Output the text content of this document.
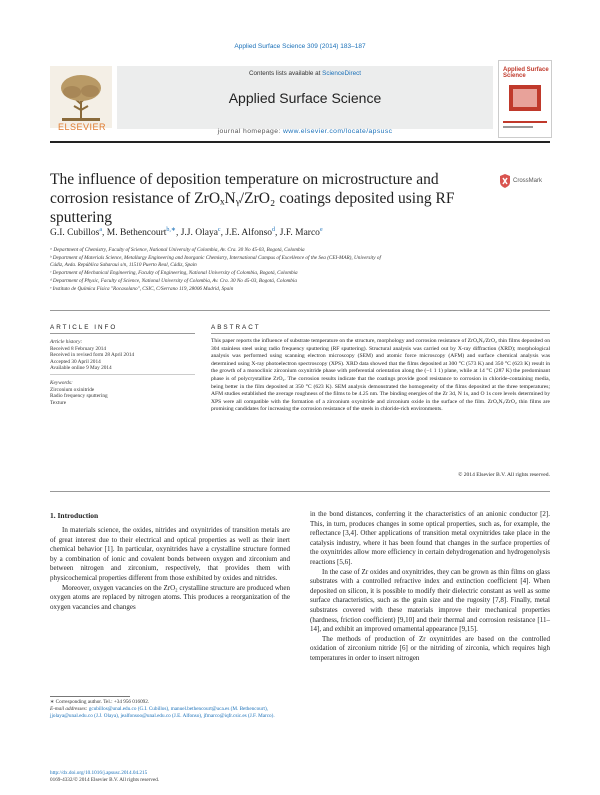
Applied Surface Science 309 (2014) 183–187
Contents lists available at ScienceDirect
Applied Surface Science
journal homepage: www.elsevier.com/locate/apsusc
ELSEVIER
Applied Surface Science
The influence of deposition temperature on microstructure and corrosion resistance of ZrOₓNᵧ/ZrO₂ coatings deposited using RF sputtering
CrossMark
G.I. Cubillos$^a$, M. Bethencourt$^{b,∗}$, J.J. Olaya$^c$, J.E. Alfonso$^d$, J.F. Marco$^e$
ᵃ Department of Chemistry, Faculty of Science, National University of Colombia, Av. Cra. 30 No 45-03, Bogotá, Colombia
ᵇ Department of Materials Science, Metallurgy Engineering and Inorganic Chemistry, International Campus of Excellence of the Sea (CEI-MAR), University of
Cádiz, Avda. República Saharaui s/n, 11510 Puerto Real, Cádiz, Spain
ᶜ Department of Mechanical Engineering, Faculty of Engineering, National University of Colombia, Bogotá, Colombia
ᵈ Department of Physic, Faculty of Science, National University of Colombia, Av. Cra. 30 No 45-03, Bogotá, Colombia
ᵉ Instituto de Química Física "Rocasolano", CSIC, C/Serrano 119, 28006 Madrid, Spain
ARTICLE INFO
Article history:
Received 8 February 2014
Received in revised form 28 April 2014
Accepted 30 April 2014
Available online 9 May 2014
Keywords:
Zirconium oxinitride
Radio frequency sputtering
Texture
ABSTRACT
This paper reports the influence of substrate temperature on the structure, morphology and corrosion resistance of ZrOₓNᵧ/ZrO₂ thin films deposited on 304 stainless steel using radio frequency sputtering (RF sputtering). Structural analysis was carried out by X-ray diffraction (XRD); morphological analysis was performed using scanning electron microscopy (SEM) and atomic force microscopy (AFM) and surface chemical analysis was determined using X-ray photoelectron spectroscopy (XPS). XRD data showed that the films deposited at 300 °C (573 K) and 350 °C (623 K) result in the growth of a monoclinic zirconium oxynitride phase with preferential orientation along the (−1 1 1) plane, while at 14 °C (287 K) the predominant phase is of polycrystalline ZrO₂. The corrosion results indicate that the coatings provide good resistance to corrosion in chloride-containing media, being better in the film deposited at 350 °C (623 K). SEM analysis demonstrated the homogeneity of the films deposited at the three temperatures; AFM studies established the average roughness of the films to be 4.25 nm. The binding energies of the Zr 3d, N 1s, and O 1s core levels determined by XPS were all compatible with the formation of a zirconium oxynitride and zirconium oxide in the surface of the film. ZrOₓNᵧ/ZrO₂ thin films are promising candidates for increasing the corrosion resistance of the steels in chloride-rich environments.
© 2014 Elsevier B.V. All rights reserved.
1. Introduction

In materials science, the oxides, nitrides and oxynitrides of transition metals are of great interest due to their electrical and optical properties as well as their inert chemical behavior [1]. In particular, oxynitrides have a crystalline structure formed by a combination of ionic and covalent bonds between oxygen and zirconium and between nitrogen and zirconium, respectively, that provides them with physicochemical properties different from those exhibited by oxides and nitrides.

Moreover, oxygen vacancies on the ZrO₂ crystalline structure are produced when oxygen atoms are replaced by nitrogen atoms. This produces a reorganization of the oxygen vacancies and changes

in the bond distances, conferring it the characteristics of an anionic conductor [2]. This, in turn, produces changes in some optical properties, such as, for example, the reflectance [3,4]. Other applications of transition metal oxynitrides take place in the catalysis industry, where it has been found that changes in the surface properties of the oxynitrides allow more efficiency in certain dehydrogenation and hydrogenolysis reactions [5,6].

In the case of Zr oxides and oxynitrides, they can be grown as thin films on glass substrates with a controlled refractive index and extinction coefficient [4]. When deposited on silicon, it is possible to modify their dielectric constant as well as some surface characteristics, such as the grain size and the rugosity [7,8]. Finally, metal substrates covered with these materials improve their mechanical properties (hardness, friction coefficient) [9,10] and their thermal and corrosion resistance [11–14], and exhibit an improved ornamental appearance [9,15].

The methods of production of Zr oxynitrides are based on the controlled oxidation of zirconium nitride [6] or the nitriding of zirconia, which requires high temperatures in order to insert nitrogen

∗ Corresponding author. Tel.: +34 956 016092.
E-mail addresses: gcubillos@unal.edu.co (G.I. Cubillos), manuel.bethencourt@uca.es (M. Bethencourt), jjolaya@unal.edu.co (J.J. Olaya), jealfonsoo@unal.edu.co (J.E. Alfonso), jfmarco@iqfr.csic.es (J.F. Marco).
http://dx.doi.org/10.1016/j.apsusc.2014.04.215
0169-4332/© 2014 Elsevier B.V. All rights reserved.
